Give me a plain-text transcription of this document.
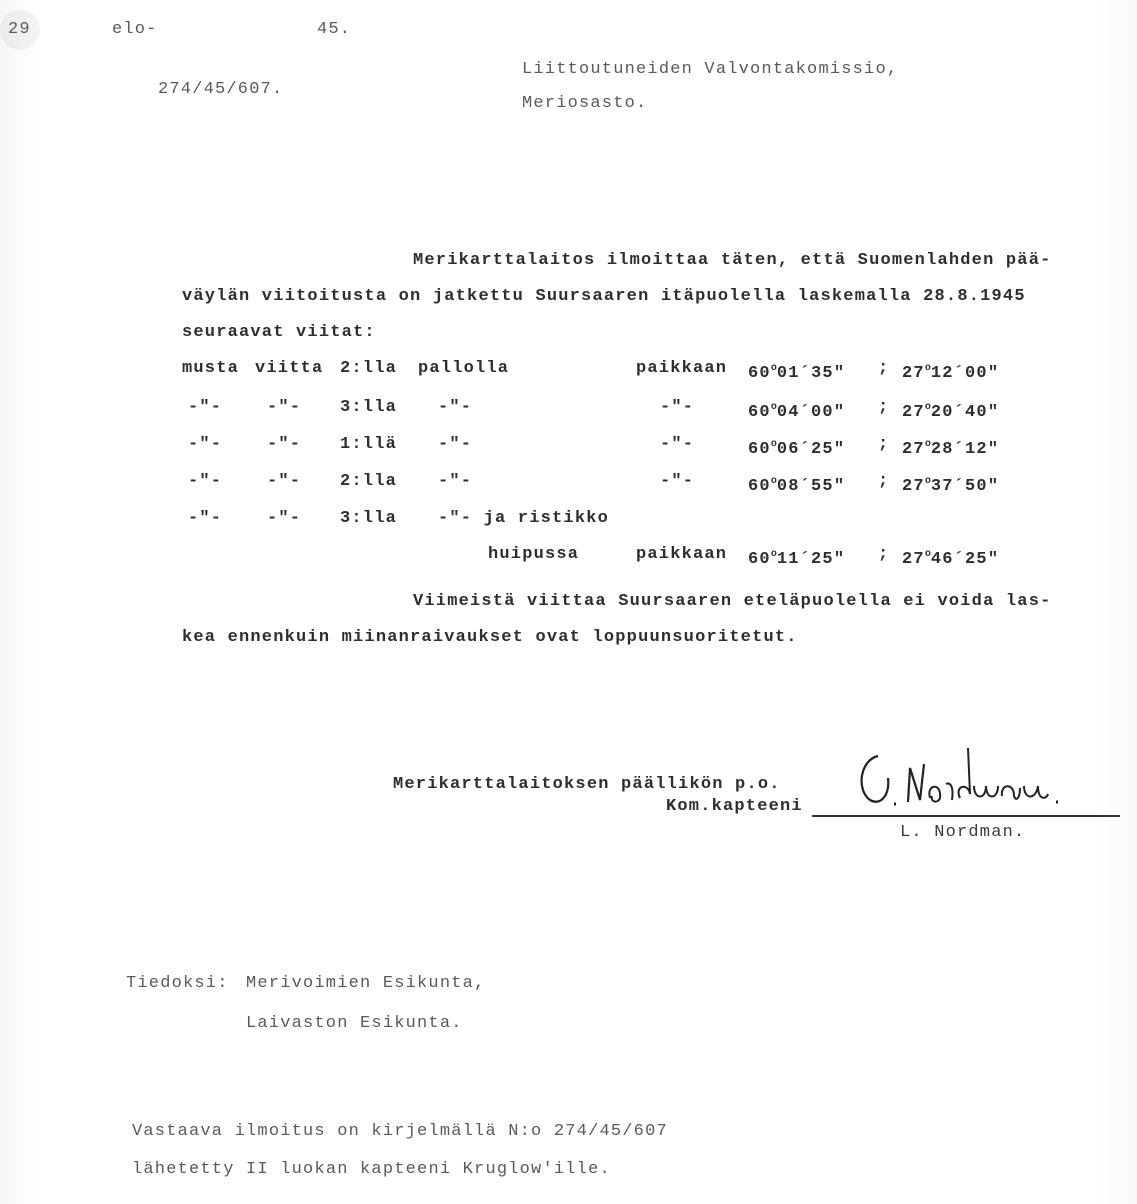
29	elo-	45.
274/45/607.
Liittoutuneiden Valvontakomissio,
Meriosasto.
Merikarttalaitos ilmoittaa täten, että Suomenlahden pää-
väylän viitoitusta on jatkettu Suursaaren itäpuolella laskemalla 28.8.1945
seuraavat viitat:
musta viitta 2:lla pallolla	paikkaan 60$^o$01´35" ; 27$^o$12´00"
-"-	-"- 3:lla -"-	-"-	60$^o$04´00" ; 27$^o$20´40"
-"-	-"- 1:llä -"-	-"-	60$^o$06´25" ; 27$^o$28´12"
-"-	-"- 2:lla -"-	-"-	60$^o$08´55" ; 27$^o$37´50"
-"-	-"- 3:lla -"- ja ristikko
huipussa	paikkaan 60$^o$11´25" ; 27$^o$46´25"
Viimeistä viittaa Suursaaren eteläpuolella ei voida las-
kea ennenkuin miinanraivaukset ovat loppuunsuoritetut.
Merikarttalaitoksen päällikön p.o.
Kom.kapteeni
L. Nordman.
Tiedoksi: Merivoimien Esikunta,
Laivaston Esikunta.
Vastaava ilmoitus on kirjelmällä N:o 274/45/607
lähetetty II luokan kapteeni Kruglow'ille.
